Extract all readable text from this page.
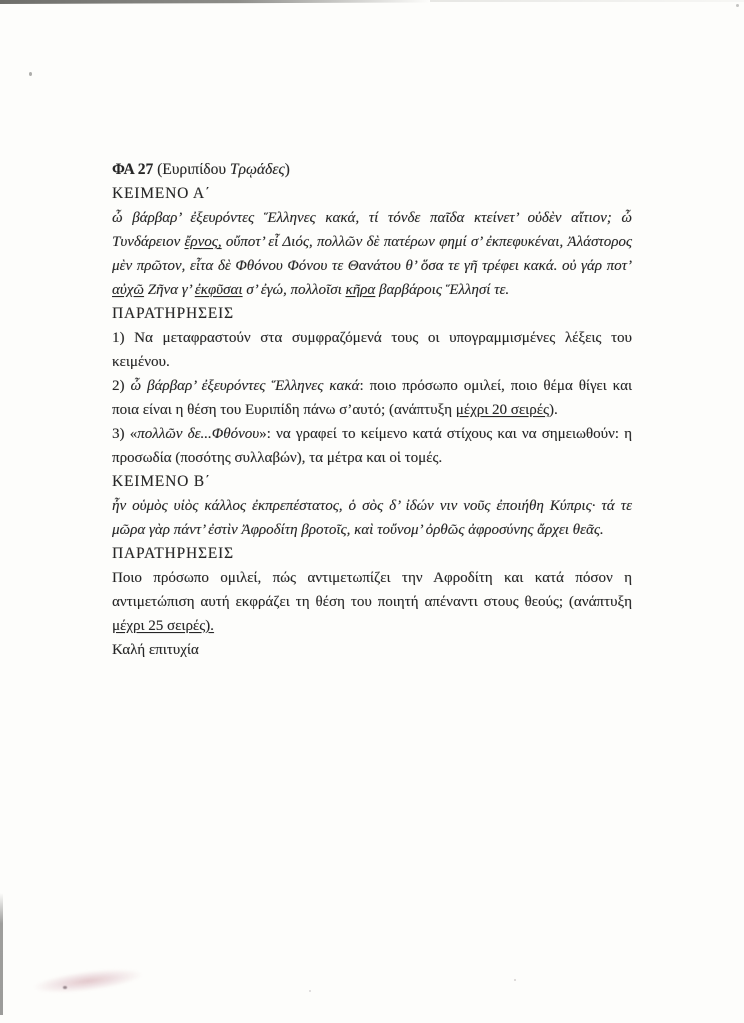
ΦΑ 27 (Ευριπίδου Τρῳάδες)

ΚΕΙΜΕΝΟ Α΄

ὦ βάρβαρ’ ἐξευρόντες Ἕλληνες κακά, τί τόνδε παῖδα κτείνετ’ οὐδὲν αἴτιον; ὦ Τυνδάρειον ἔρνος, οὔποτ’ εἶ Διός, πολλῶν δὲ πατέρων φημί σ’ ἐκπεφυκέναι, Ἀλάστορος μὲν πρῶτον, εἶτα δὲ Φθόνου Φόνου τε Θανάτου θ’ ὅσα τε γῆ τρέφει κακά. οὐ γάρ ποτ’ αὐχῶ Ζῆνα γ’ ἐκφῦσαι σ’ ἐγώ, πολλοῖσι κῆρα βαρβάροις Ἕλλησί τε.

ΠΑΡΑΤΗΡΗΣΕΙΣ

1) Να μεταφραστούν στα συμφραζόμενά τους οι υπογραμμισμένες λέξεις του κειμένου.

2) ὦ βάρβαρ’ ἐξευρόντες Ἕλληνες κακά: ποιο πρόσωπο ομιλεί, ποιο θέμα θίγει και ποια είναι η θέση του Ευριπίδη πάνω σ’αυτό; (ανάπτυξη μέχρι 20 σειρές).

3) «πολλῶν δε...Φθόνου»: να γραφεί το κείμενο κατά στίχους και να σημειωθούν: η προσωδία (ποσότης συλλαβών), τα μέτρα και οἱ τομές.

ΚΕΙΜΕΝΟ Β΄

ἦν οὑμὸς υἱὸς κάλλος ἐκπρεπέστατος, ὁ σὸς δ’ ἰδών νιν νοῦς ἐποιήθη Κύπρις· τά τε μῶρα γὰρ πάντ’ ἐστὶν Ἀφροδίτη βροτοῖς, καὶ τοὔνομ’ ὀρθῶς ἀφροσύνης ἄρχει θεᾶς.

ΠΑΡΑΤΗΡΗΣΕΙΣ

Ποιο πρόσωπο ομιλεί, πώς αντιμετωπίζει την Αφροδίτη και κατά πόσον η αντιμετώπιση αυτή εκφράζει τη θέση του ποιητή απέναντι στους θεούς; (ανάπτυξη μέχρι 25 σειρές).

Καλή επιτυχία
